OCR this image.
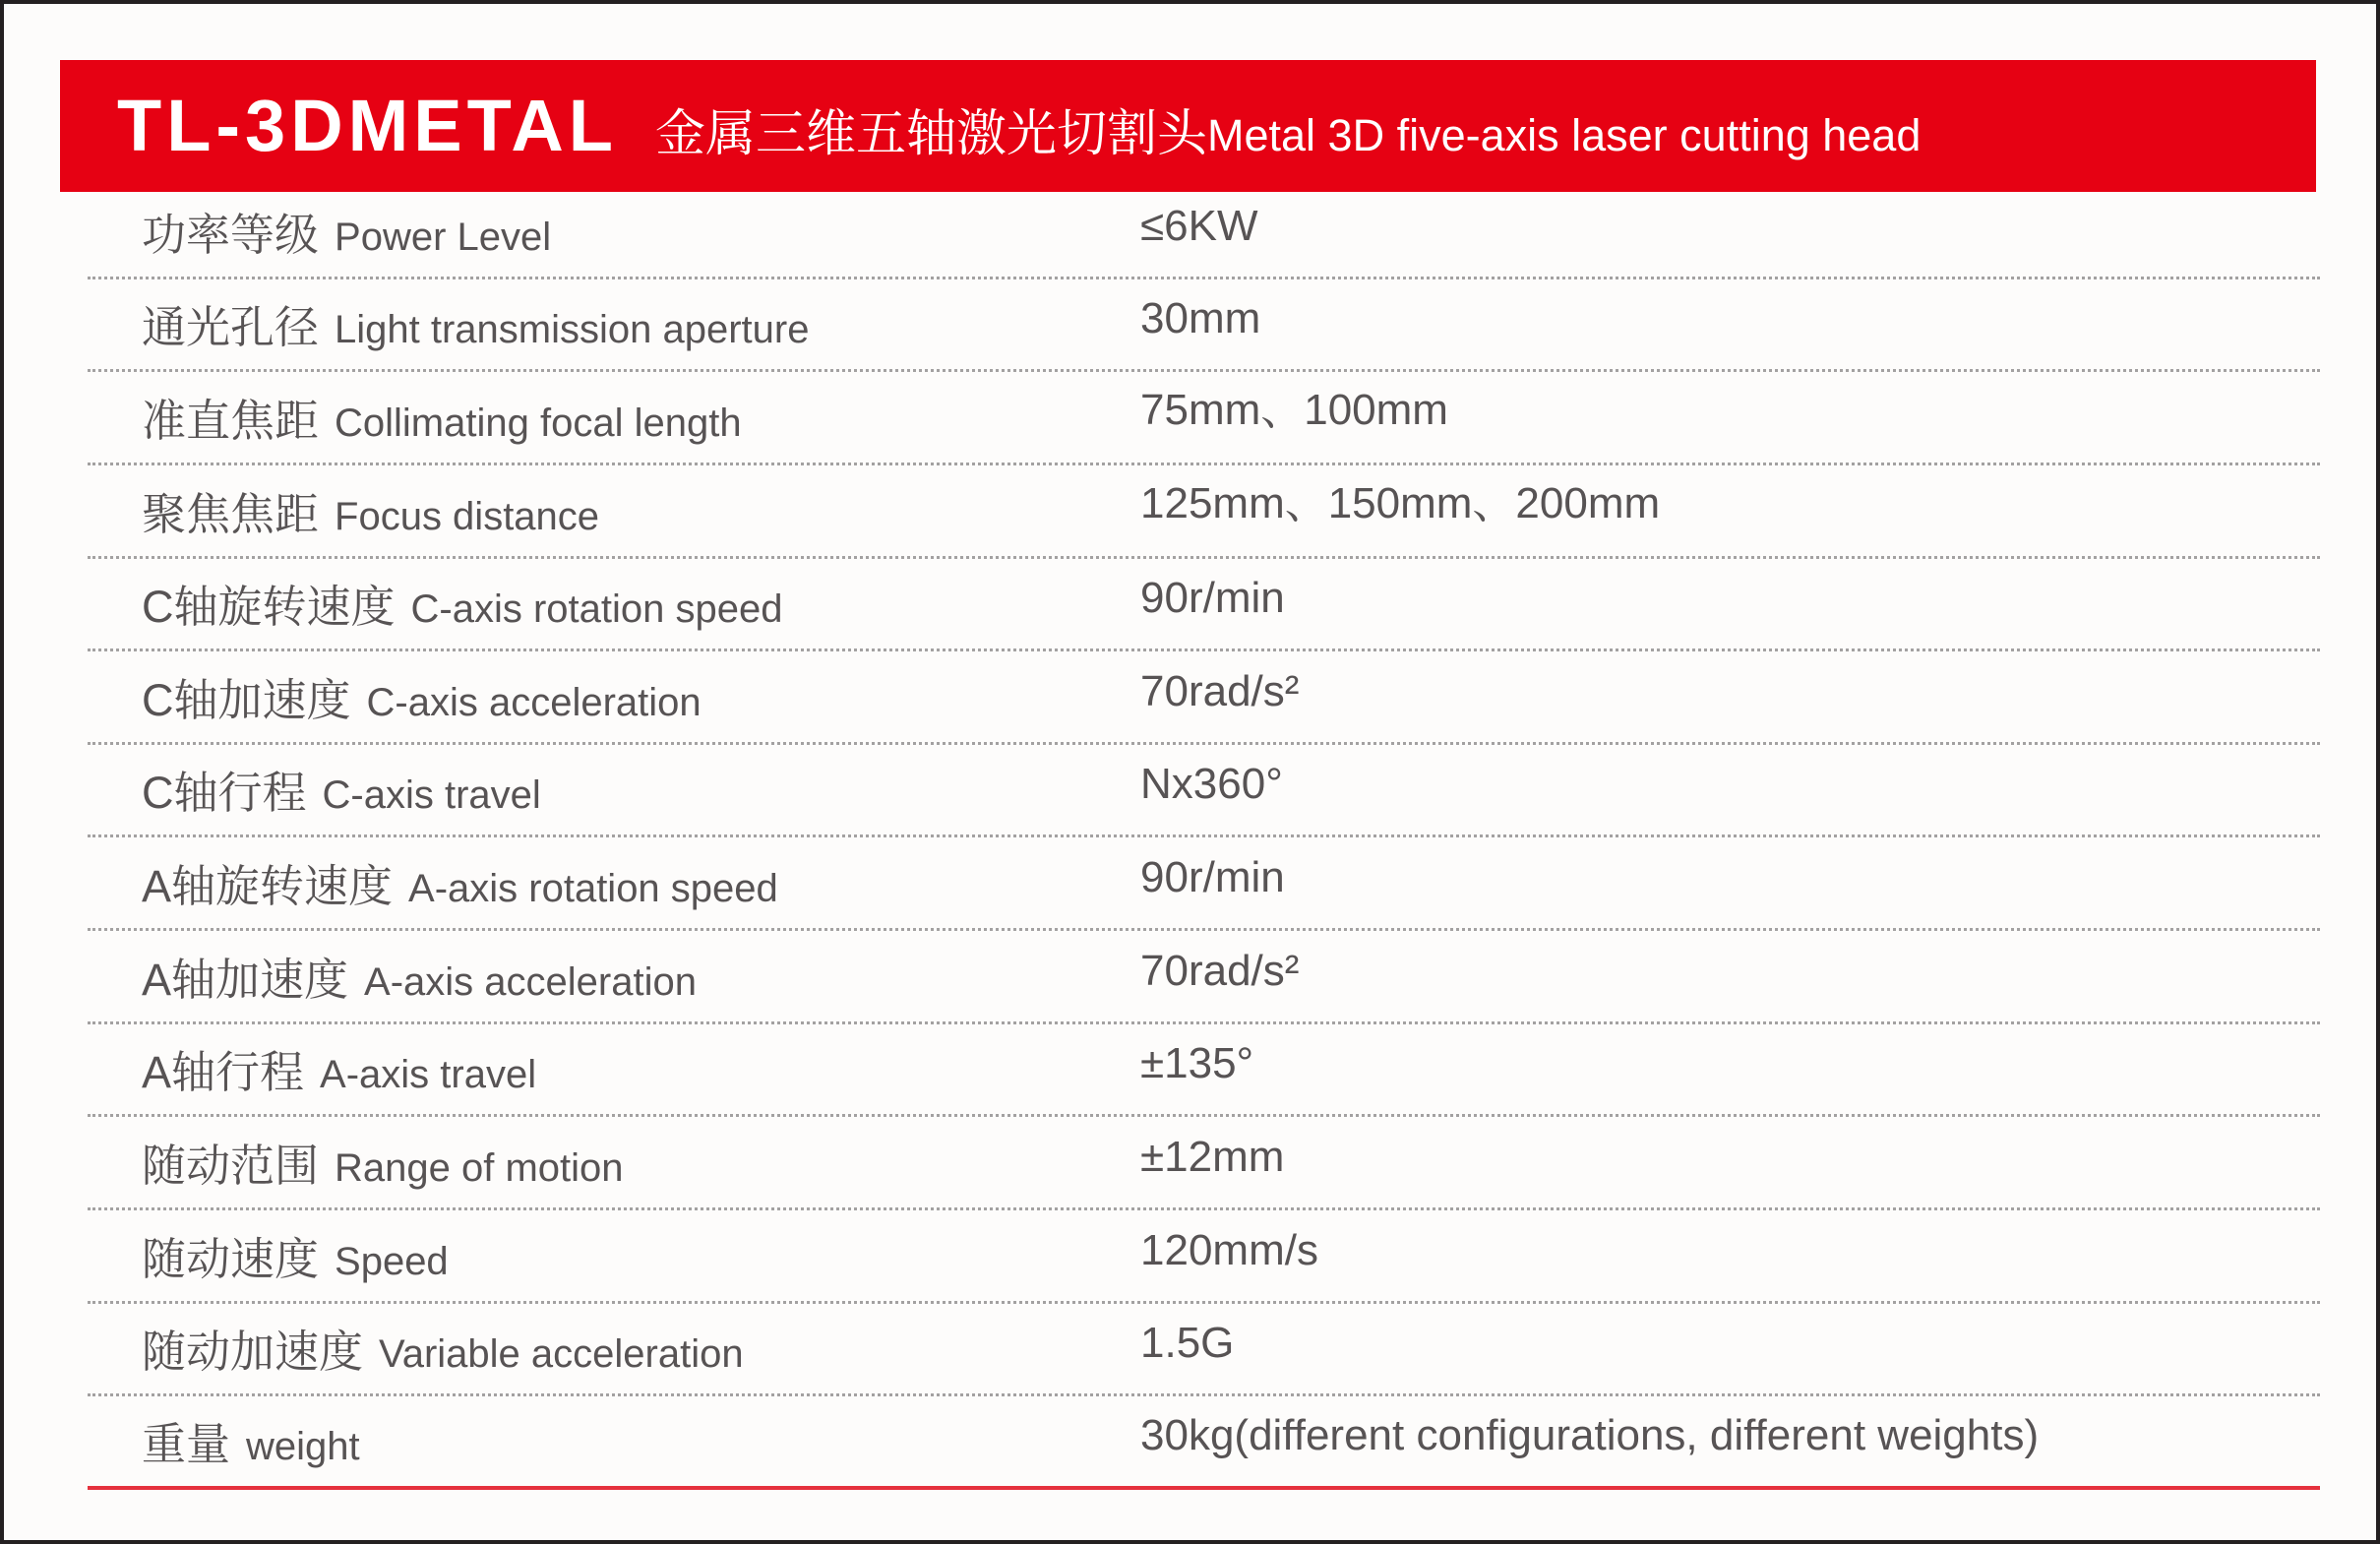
TL-3DMETAL 金属三维五轴激光切割头 Metal 3D five-axis laser cutting head
功率等级 Power Level	≤6KW
通光孔径 Light transmission aperture	30mm
准直焦距 Collimating focal length	75mm、100mm
聚焦焦距 Focus distance	125mm、150mm、200mm
C轴旋转速度 C-axis rotation speed	90r/min
C轴加速度 C-axis acceleration	70rad/s²
C轴行程 C-axis travel	Nx360°
A轴旋转速度 A-axis rotation speed	90r/min
A轴加速度 A-axis acceleration	70rad/s²
A轴行程 A-axis travel	±135°
随动范围 Range of motion	±12mm
随动速度 Speed	120mm/s
随动加速度 Variable acceleration	1.5G
重量 weight	30kg(different configurations, different weights)
